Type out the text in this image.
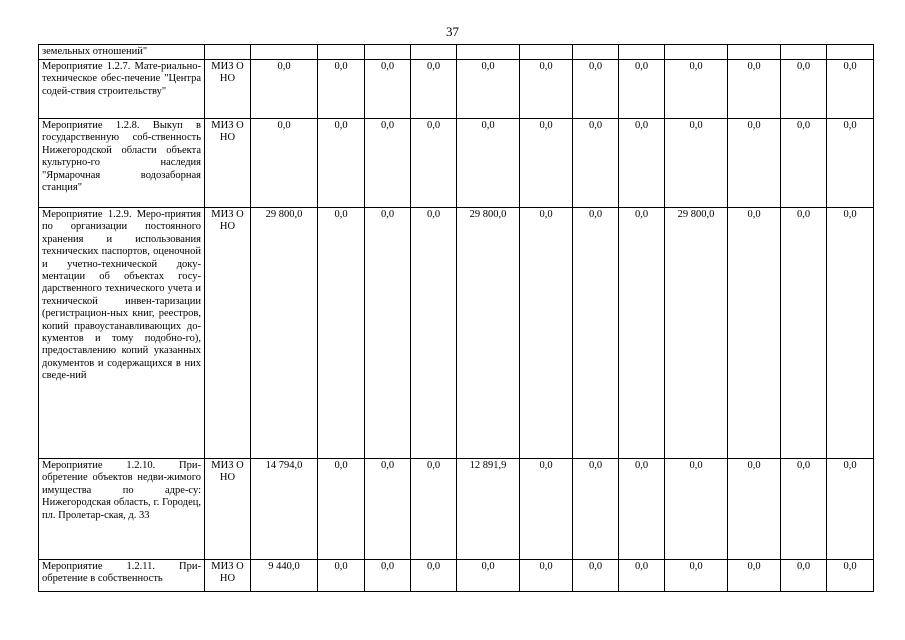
37
земельных отношений"													
Мероприятие 1.2.7. Мате-риально-техническое обес-печение "Центра содей-ствия строительству"	МИЗ О НО	0,0	0,0	0,0	0,0	0,0	0,0	0,0	0,0	0,0	0,0	0,0	0,0
Мероприятие 1.2.8. Выкуп в государственную соб-ственность Нижегородской области объекта культурно-го наследия "Ярмарочная водозаборная станция"	МИЗ О НО	0,0	0,0	0,0	0,0	0,0	0,0	0,0	0,0	0,0	0,0	0,0	0,0
Мероприятие 1.2.9. Меро-приятия по организации постоянного хранения и использования технических паспортов, оценочной и учетно-технической доку-ментации об объектах госу-дарственного технического учета и технической инвен-таризации (регистрацион-ных книг, реестров, копий правоустанавливающих до-кументов и тому подобно-го), предоставлению копий указанных документов и содержащихся в них сведе-ний	МИЗ О НО	29 800,0	0,0	0,0	0,0	29 800,0	0,0	0,0	0,0	29 800,0	0,0	0,0	0,0
Мероприятие 1.2.10. При-обретение объектов недви-жимого имущества по адре-су: Нижегородская область, г. Городец, пл. Пролетар-ская, д. 33	МИЗ О НО	14 794,0	0,0	0,0	0,0	12 891,9	0,0	0,0	0,0	0,0	0,0	0,0	0,0
Мероприятие 1.2.11. При-обретение в собственность	МИЗ О НО	9 440,0	0,0	0,0	0,0	0,0	0,0	0,0	0,0	0,0	0,0	0,0	0,0
